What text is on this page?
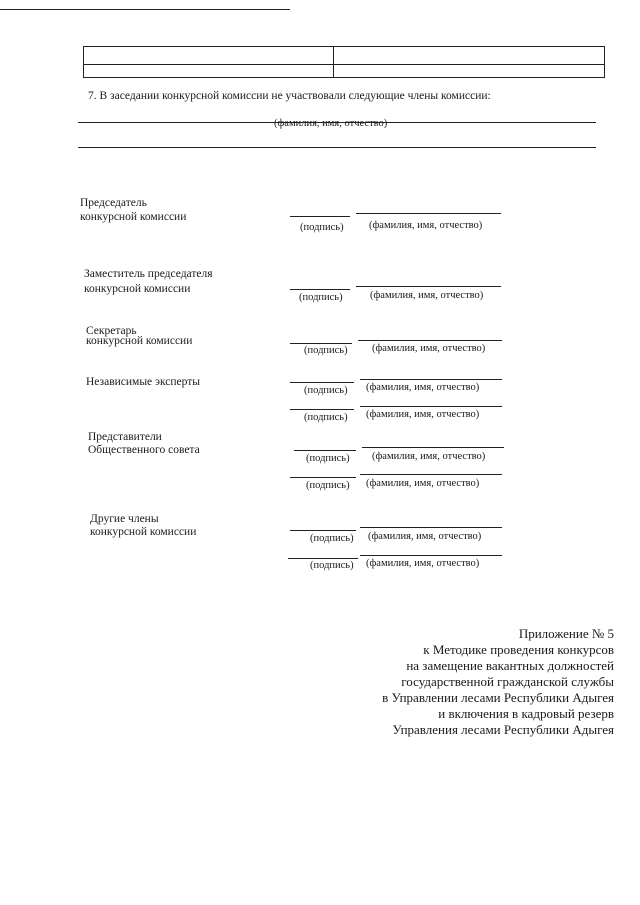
7. В заседании конкурсной комиссии не участвовали следующие члены комиссии:
(фамилия, имя, отчество)
Председатель
конкурсной комиссии
(подпись) (фамилия, имя, отчество)
Заместитель председателя
конкурсной комиссии
(подпись)	(фамилия, имя, отчество)
Секретарь
конкурсной комиссии
(подпись) (фамилия, имя, отчество)
Независимые эксперты
(подпись) (фамилия, имя, отчество)
(подпись) (фамилия, имя, отчество)
Представители
Общественного совета
(подпись) (фамилия, имя, отчество)
(подпись) (фамилия, имя, отчество)
Другие члены
конкурсной комиссии
(подпись) (фамилия, имя, отчество)
(подпись) (фамилия, имя, отчество)
Приложение № 5
к Методике проведения конкурсов
на замещение вакантных должностей
государственной гражданской службы
в Управлении лесами Республики Адыгея
и включения в кадровый резерв
Управления лесами Республики Адыгея
